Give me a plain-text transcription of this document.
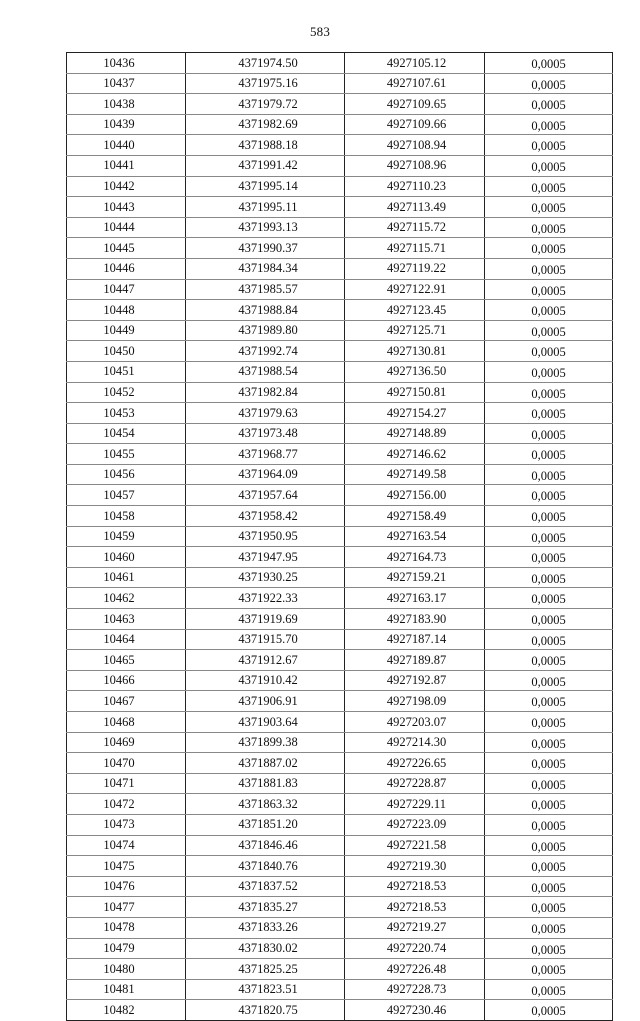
583
10436	4371974.50	4927105.12	0,0005
10437	4371975.16	4927107.61	0,0005
10438	4371979.72	4927109.65	0,0005
10439	4371982.69	4927109.66	0,0005
10440	4371988.18	4927108.94	0,0005
10441	4371991.42	4927108.96	0,0005
10442	4371995.14	4927110.23	0,0005
10443	4371995.11	4927113.49	0,0005
10444	4371993.13	4927115.72	0,0005
10445	4371990.37	4927115.71	0,0005
10446	4371984.34	4927119.22	0,0005
10447	4371985.57	4927122.91	0,0005
10448	4371988.84	4927123.45	0,0005
10449	4371989.80	4927125.71	0,0005
10450	4371992.74	4927130.81	0,0005
10451	4371988.54	4927136.50	0,0005
10452	4371982.84	4927150.81	0,0005
10453	4371979.63	4927154.27	0,0005
10454	4371973.48	4927148.89	0,0005
10455	4371968.77	4927146.62	0,0005
10456	4371964.09	4927149.58	0,0005
10457	4371957.64	4927156.00	0,0005
10458	4371958.42	4927158.49	0,0005
10459	4371950.95	4927163.54	0,0005
10460	4371947.95	4927164.73	0,0005
10461	4371930.25	4927159.21	0,0005
10462	4371922.33	4927163.17	0,0005
10463	4371919.69	4927183.90	0,0005
10464	4371915.70	4927187.14	0,0005
10465	4371912.67	4927189.87	0,0005
10466	4371910.42	4927192.87	0,0005
10467	4371906.91	4927198.09	0,0005
10468	4371903.64	4927203.07	0,0005
10469	4371899.38	4927214.30	0,0005
10470	4371887.02	4927226.65	0,0005
10471	4371881.83	4927228.87	0,0005
10472	4371863.32	4927229.11	0,0005
10473	4371851.20	4927223.09	0,0005
10474	4371846.46	4927221.58	0,0005
10475	4371840.76	4927219.30	0,0005
10476	4371837.52	4927218.53	0,0005
10477	4371835.27	4927218.53	0,0005
10478	4371833.26	4927219.27	0,0005
10479	4371830.02	4927220.74	0,0005
10480	4371825.25	4927226.48	0,0005
10481	4371823.51	4927228.73	0,0005
10482	4371820.75	4927230.46	0,0005
